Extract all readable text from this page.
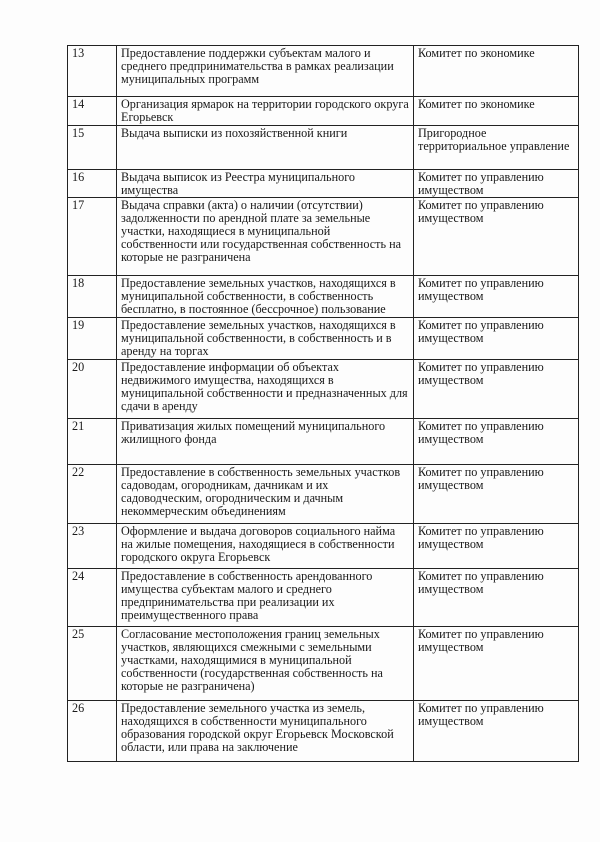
13	Предоставление поддержки субъектам малого и среднего предпринимательства в рамках реализации муниципальных программ	Комитет по экономике
14	Организация ярмарок на территории городского округа Егорьевск	Комитет по экономике
15	Выдача выписки из похозяйственной книги	Пригородное территориальное управление
16	Выдача выписок из Реестра муниципального имущества	Комитет по управлению имуществом
17	Выдача справки (акта) о наличии (отсутствии) задолженности по арендной плате за земельные участки, находящиеся в муниципальной собственности или государственная собственность на которые не разграничена	Комитет по управлению имуществом
18	Предоставление земельных участков, находящихся в муниципальной собственности, в собственность бесплатно, в постоянное (бессрочное) пользование	Комитет по управлению имуществом
19	Предоставление земельных участков, находящихся в муниципальной собственности, в собственность и в аренду на торгах	Комитет по управлению имуществом
20	Предоставление информации об объектах недвижимого имущества, находящихся в муниципальной собственности и предназначенных для сдачи в аренду	Комитет по управлению имуществом
21	Приватизация жилых помещений муниципального жилищного фонда	Комитет по управлению имуществом
22	Предоставление в собственность земельных участков садоводам, огородникам, дачникам и их садоводческим, огородническим и дачным некоммерческим объединениям	Комитет по управлению имуществом
23	Оформление и выдача договоров социального найма на жилые помещения, находящиеся в собственности городского округа Егорьевск	Комитет по управлению имуществом
24	Предоставление в собственность арендованного имущества субъектам малого и среднего предпринимательства при реализации их преимущественного права	Комитет по управлению имуществом
25	Согласование местоположения границ земельных участков, являющихся смежными с земельными участками, находящимися в муниципальной собственности (государственная собственность на которые не разграничена)	Комитет по управлению имуществом
26	Предоставление земельного участка из земель, находящихся в собственности муниципального образования городской округ Егорьевск Московской области, или права на заключение	Комитет по управлению имуществом
